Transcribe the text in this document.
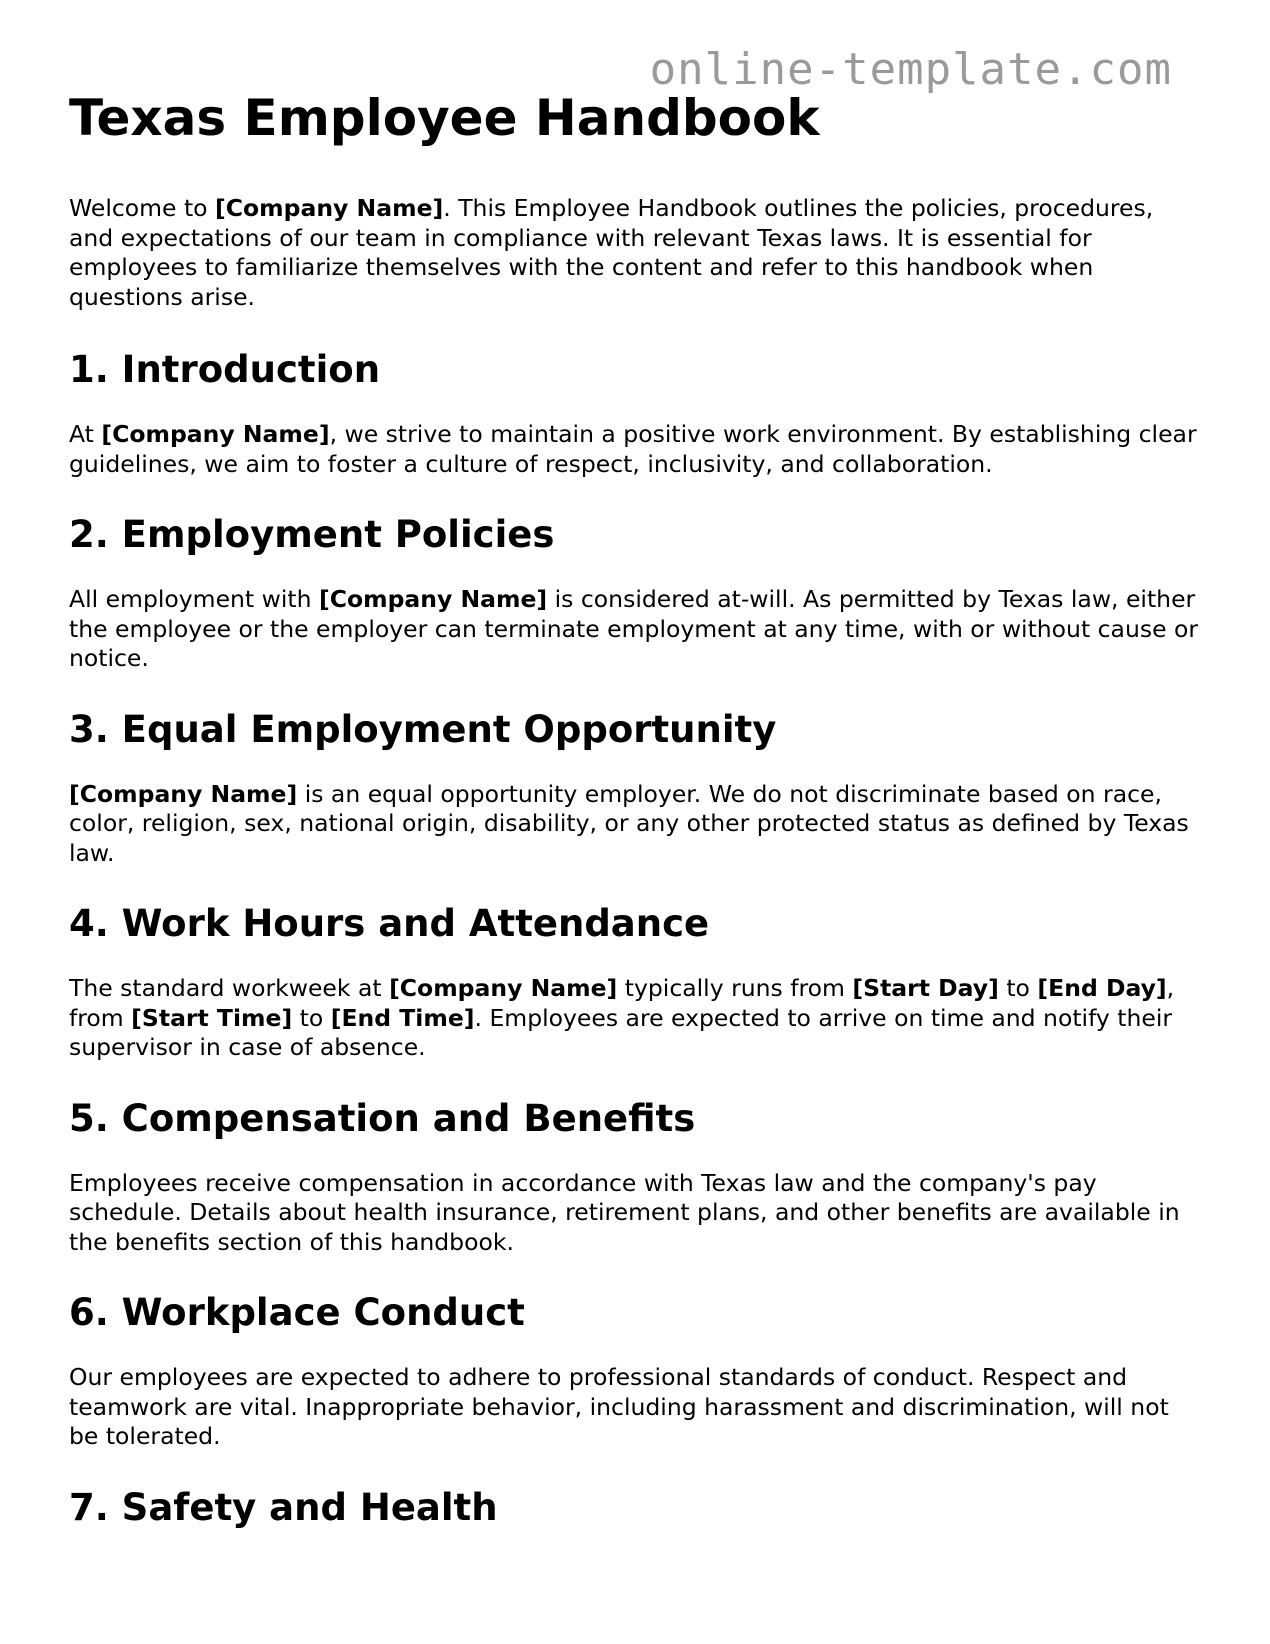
online-template.com
Texas Employee Handbook

Welcome to [Company Name]. This Employee Handbook outlines the policies, procedures, and expectations of our team in compliance with relevant Texas laws. It is essential for employees to familiarize themselves with the content and refer to this handbook when questions arise.

1. Introduction

At [Company Name], we strive to maintain a positive work environment. By establishing clear guidelines, we aim to foster a culture of respect, inclusivity, and collaboration.

2. Employment Policies

All employment with [Company Name] is considered at-will. As permitted by Texas law, either the employee or the employer can terminate employment at any time, with or without cause or notice.

3. Equal Employment Opportunity

[Company Name] is an equal opportunity employer. We do not discriminate based on race, color, religion, sex, national origin, disability, or any other protected status as defined by Texas law.

4. Work Hours and Attendance

The standard workweek at [Company Name] typically runs from [Start Day] to [End Day], from [Start Time] to [End Time]. Employees are expected to arrive on time and notify their supervisor in case of absence.

5. Compensation and Benefits

Employees receive compensation in accordance with Texas law and the company's pay schedule. Details about health insurance, retirement plans, and other benefits are available in the benefits section of this handbook.

6. Workplace Conduct

Our employees are expected to adhere to professional standards of conduct. Respect and teamwork are vital. Inappropriate behavior, including harassment and discrimination, will not be tolerated.

7. Safety and Health
